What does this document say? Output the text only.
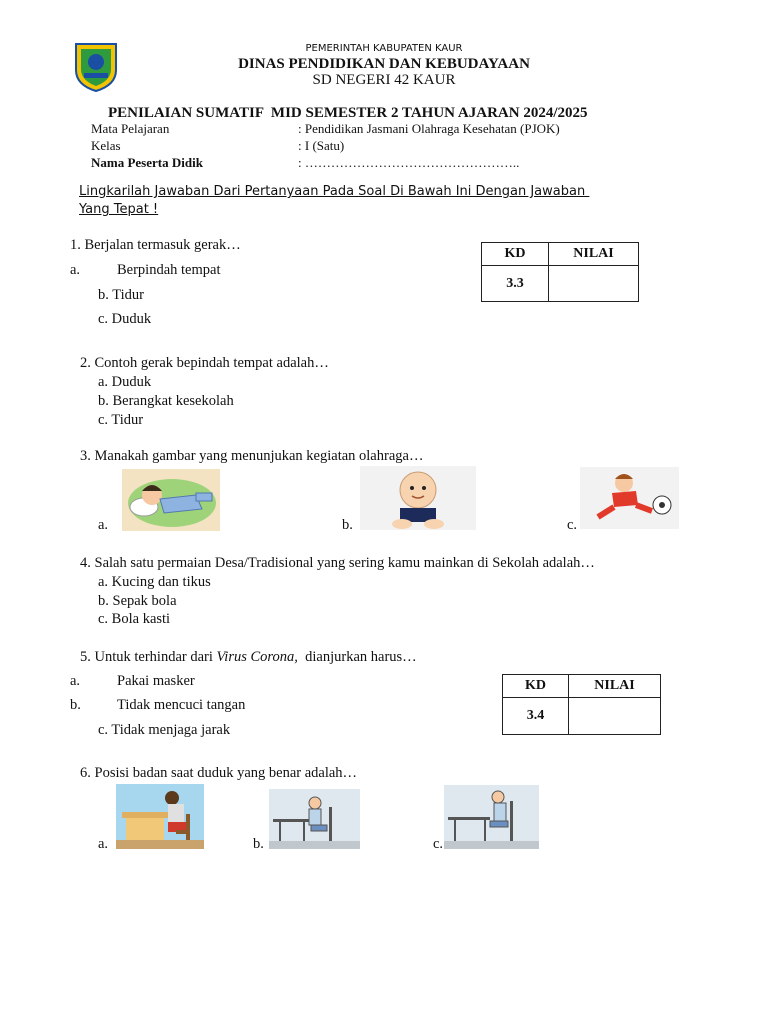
PEMERINTAH KABUPATEN KAUR
DINAS PENDIDIKAN DAN KEBUDAYAAN
SD NEGERI 42 KAUR
PENILAIAN SUMATIF  MID SEMESTER 2 TAHUN AJARAN 2024/2025
Mata Pelajaran	: Pendidikan Jasmani Olahraga Kesehatan (PJOK)
Kelas	: I (Satu)
Nama Peserta Didik	: …………………………………………..
Lingkarilah Jawaban Dari Pertanyaan Pada Soal Di Bawah Ini Dengan Jawaban
Yang Tepat !
1. Berjalan termasuk gerak…
a.	Berpindah tempat
b. Tidur
c. Duduk
KD	NILAI
3.3	
2. Contoh gerak bepindah tempat adalah…
a. Duduk
b. Berangkat kesekolah
c. Tidur
3. Manakah gambar yang menunjukan kegiatan olahraga…
a.	b.	c.
4. Salah satu permaian Desa/Tradisional yang sering kamu mainkan di Sekolah adalah…
a. Kucing dan tikus
b. Sepak bola
c. Bola kasti
5. Untuk terhindar dari Virus Corona,  dianjurkan harus…
a.	Pakai masker
b. Tidak mencuci tangan
c. Tidak menjaga jarak
KD	NILAI
3.4	
6. Posisi badan saat duduk yang benar adalah…
a.	b.	c.
